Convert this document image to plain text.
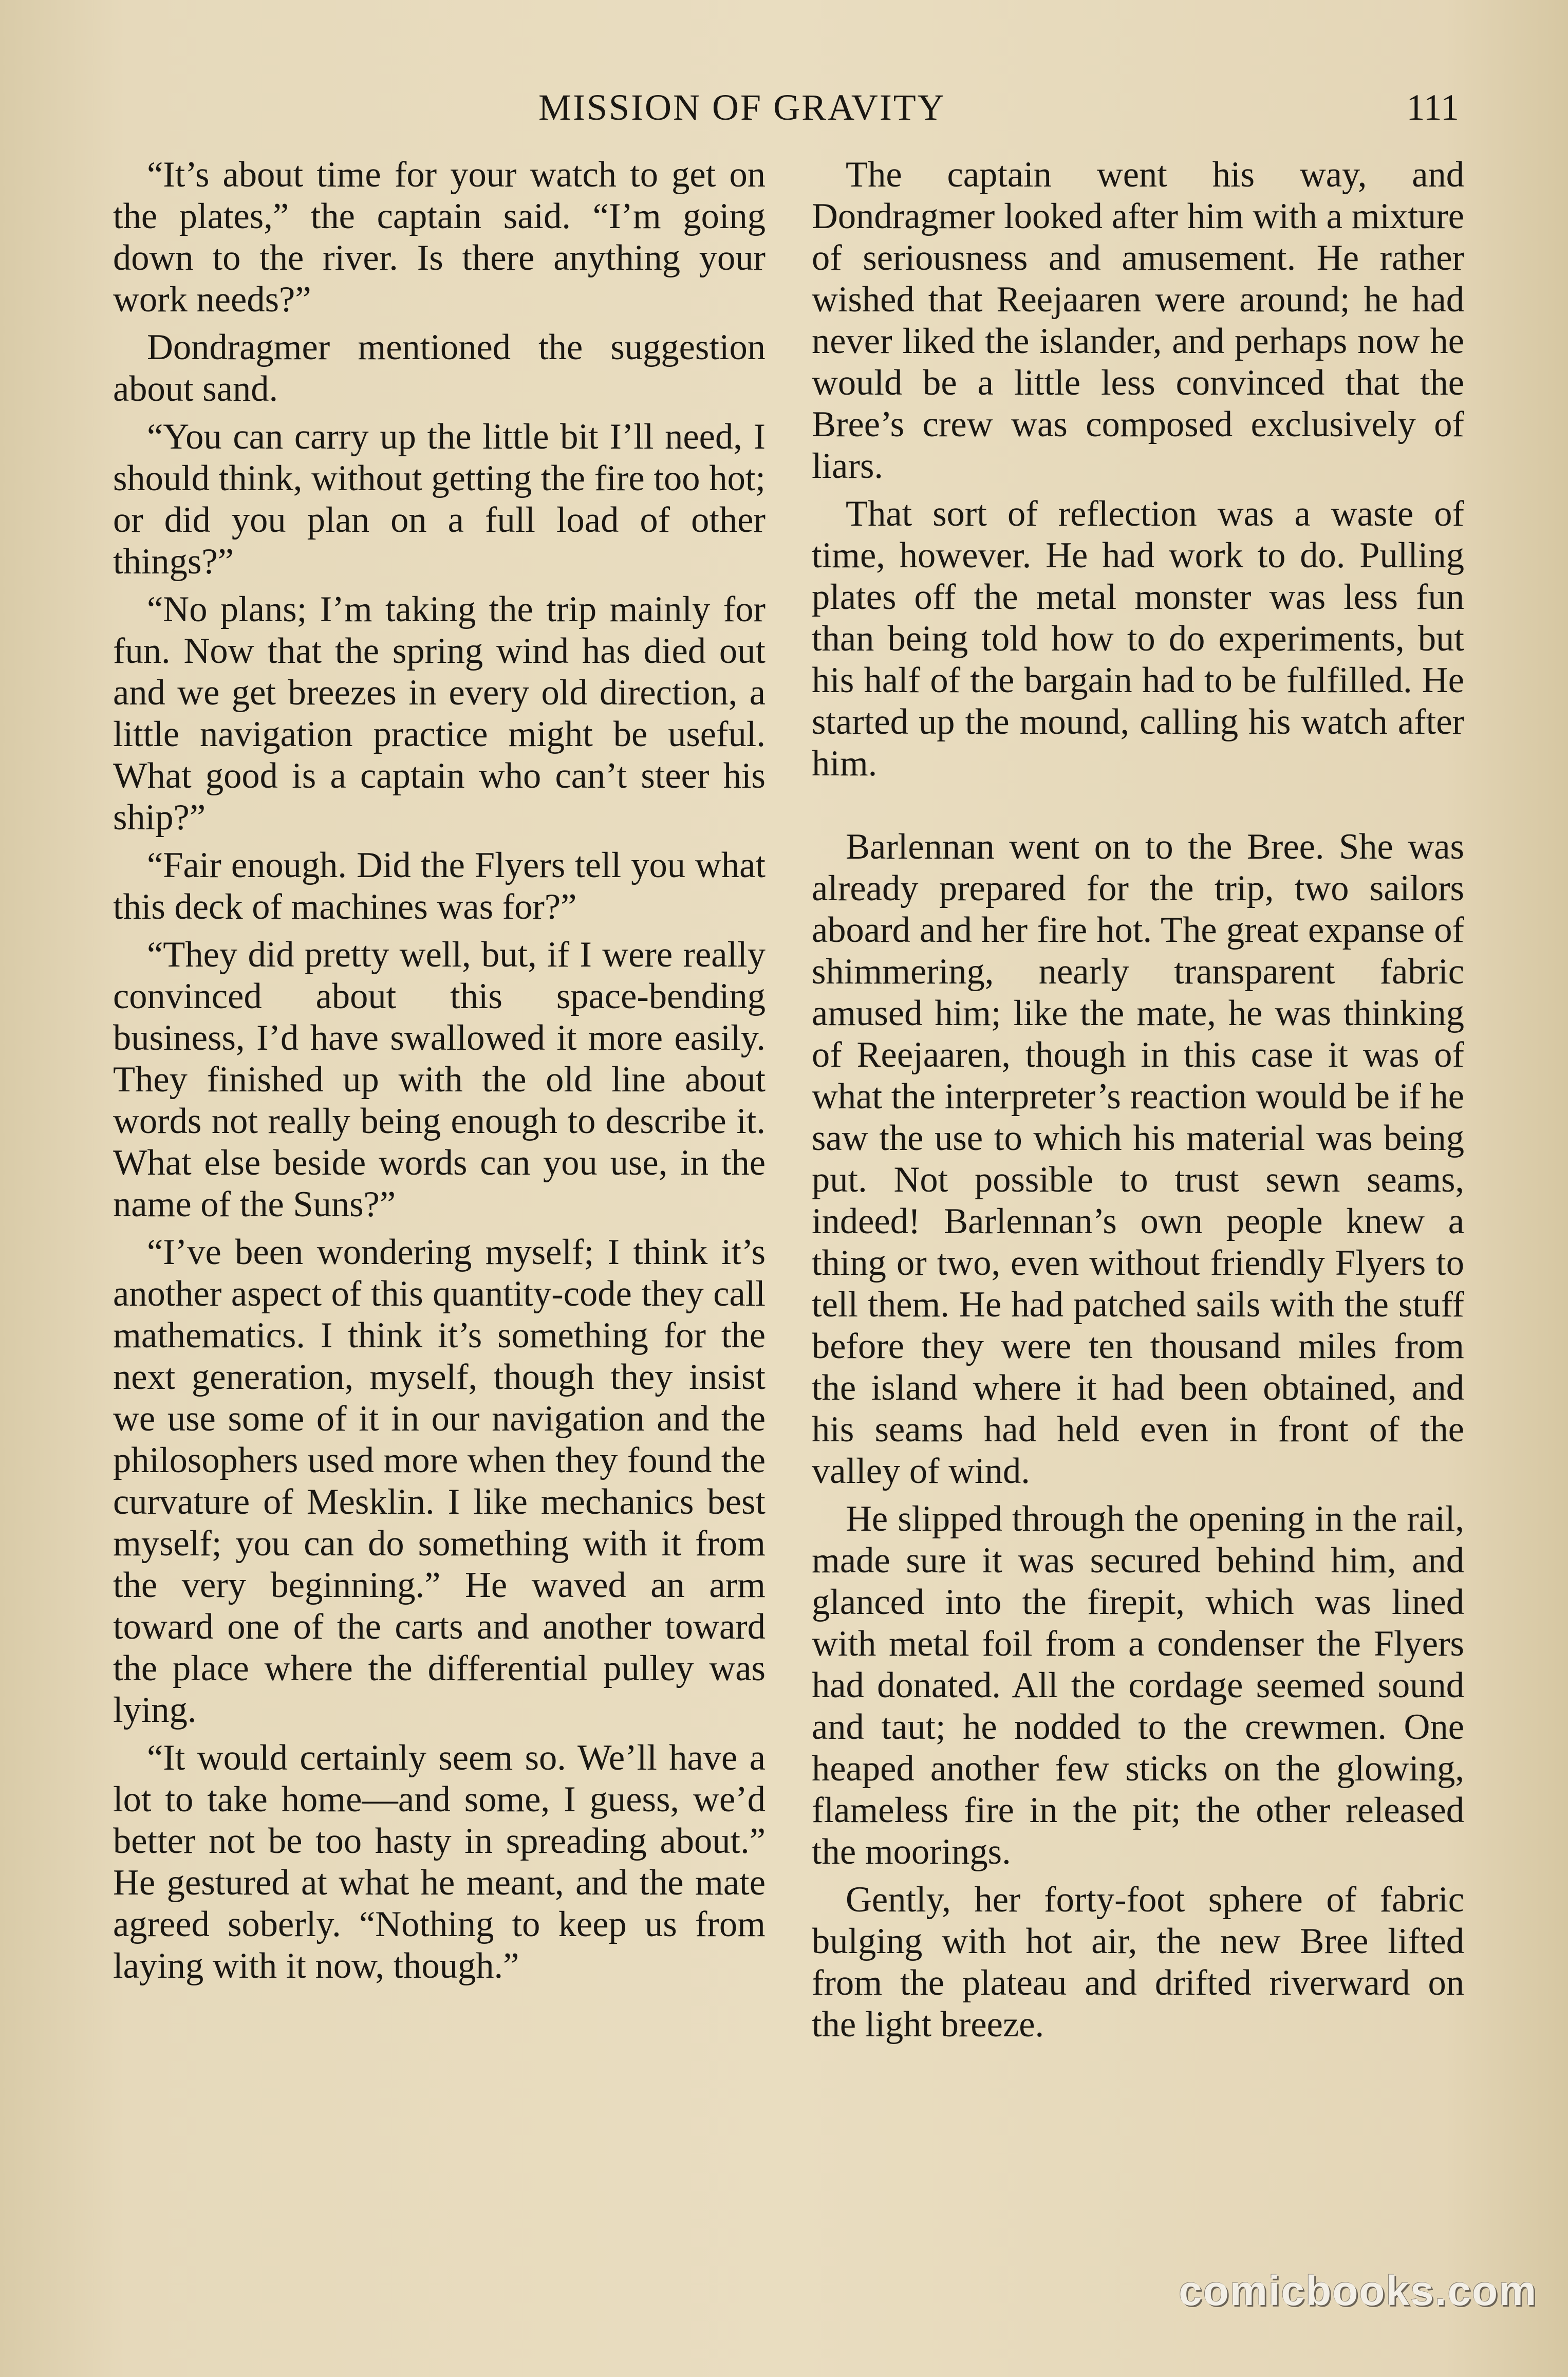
MISSION OF GRAVITY	111

“It’s about time for your watch to get on the plates,” the captain said. “I’m going down to the river. Is there anything your work needs?”

Dondragmer mentioned the suggestion about sand.

“You can carry up the little bit I’ll need, I should think, without getting the fire too hot; or did you plan on a full load of other things?”

“No plans; I’m taking the trip mainly for fun. Now that the spring wind has died out and we get breezes in every old direction, a little navigation practice might be useful. What good is a captain who can’t steer his ship?”

“Fair enough. Did the Flyers tell you what this deck of machines was for?”

“They did pretty well, but, if I were really convinced about this space-bending business, I’d have swallowed it more easily. They finished up with the old line about words not really being enough to describe it. What else beside words can you use, in the name of the Suns?”

“I’ve been wondering myself; I think it’s another aspect of this quantity-code they call mathematics. I think it’s something for the next generation, myself, though they insist we use some of it in our navigation and the philosophers used more when they found the curvature of Mesklin. I like mechanics best myself; you can do something with it from the very beginning.” He waved an arm toward one of the carts and another toward the place where the differential pulley was lying.

“It would certainly seem so. We’ll have a lot to take home—and some, I guess, we’d better not be too hasty in spreading about.” He gestured at what he meant, and the mate agreed soberly. “Nothing to keep us from laying with it now, though.”

The captain went his way, and Dondragmer looked after him with a mixture of seriousness and amusement. He rather wished that Reejaaren were around; he had never liked the islander, and perhaps now he would be a little less convinced that the Bree’s crew was composed exclusively of liars.

That sort of reflection was a waste of time, however. He had work to do. Pulling plates off the metal monster was less fun than being told how to do experiments, but his half of the bargain had to be fulfilled. He started up the mound, calling his watch after him.

Barlennan went on to the Bree. She was already prepared for the trip, two sailors aboard and her fire hot. The great expanse of shimmering, nearly transparent fabric amused him; like the mate, he was thinking of Reejaaren, though in this case it was of what the interpreter’s reaction would be if he saw the use to which his material was being put. Not possible to trust sewn seams, indeed! Barlennan’s own people knew a thing or two, even without friendly Flyers to tell them. He had patched sails with the stuff before they were ten thousand miles from the island where it had been obtained, and his seams had held even in front of the valley of wind.

He slipped through the opening in the rail, made sure it was secured behind him, and glanced into the firepit, which was lined with metal foil from a condenser the Flyers had donated. All the cordage seemed sound and taut; he nodded to the crewmen. One heaped another few sticks on the glowing, flameless fire in the pit; the other released the moorings.

Gently, her forty-foot sphere of fabric bulging with hot air, the new Bree lifted from the plateau and drifted riverward on the light breeze.

comicbooks.com
